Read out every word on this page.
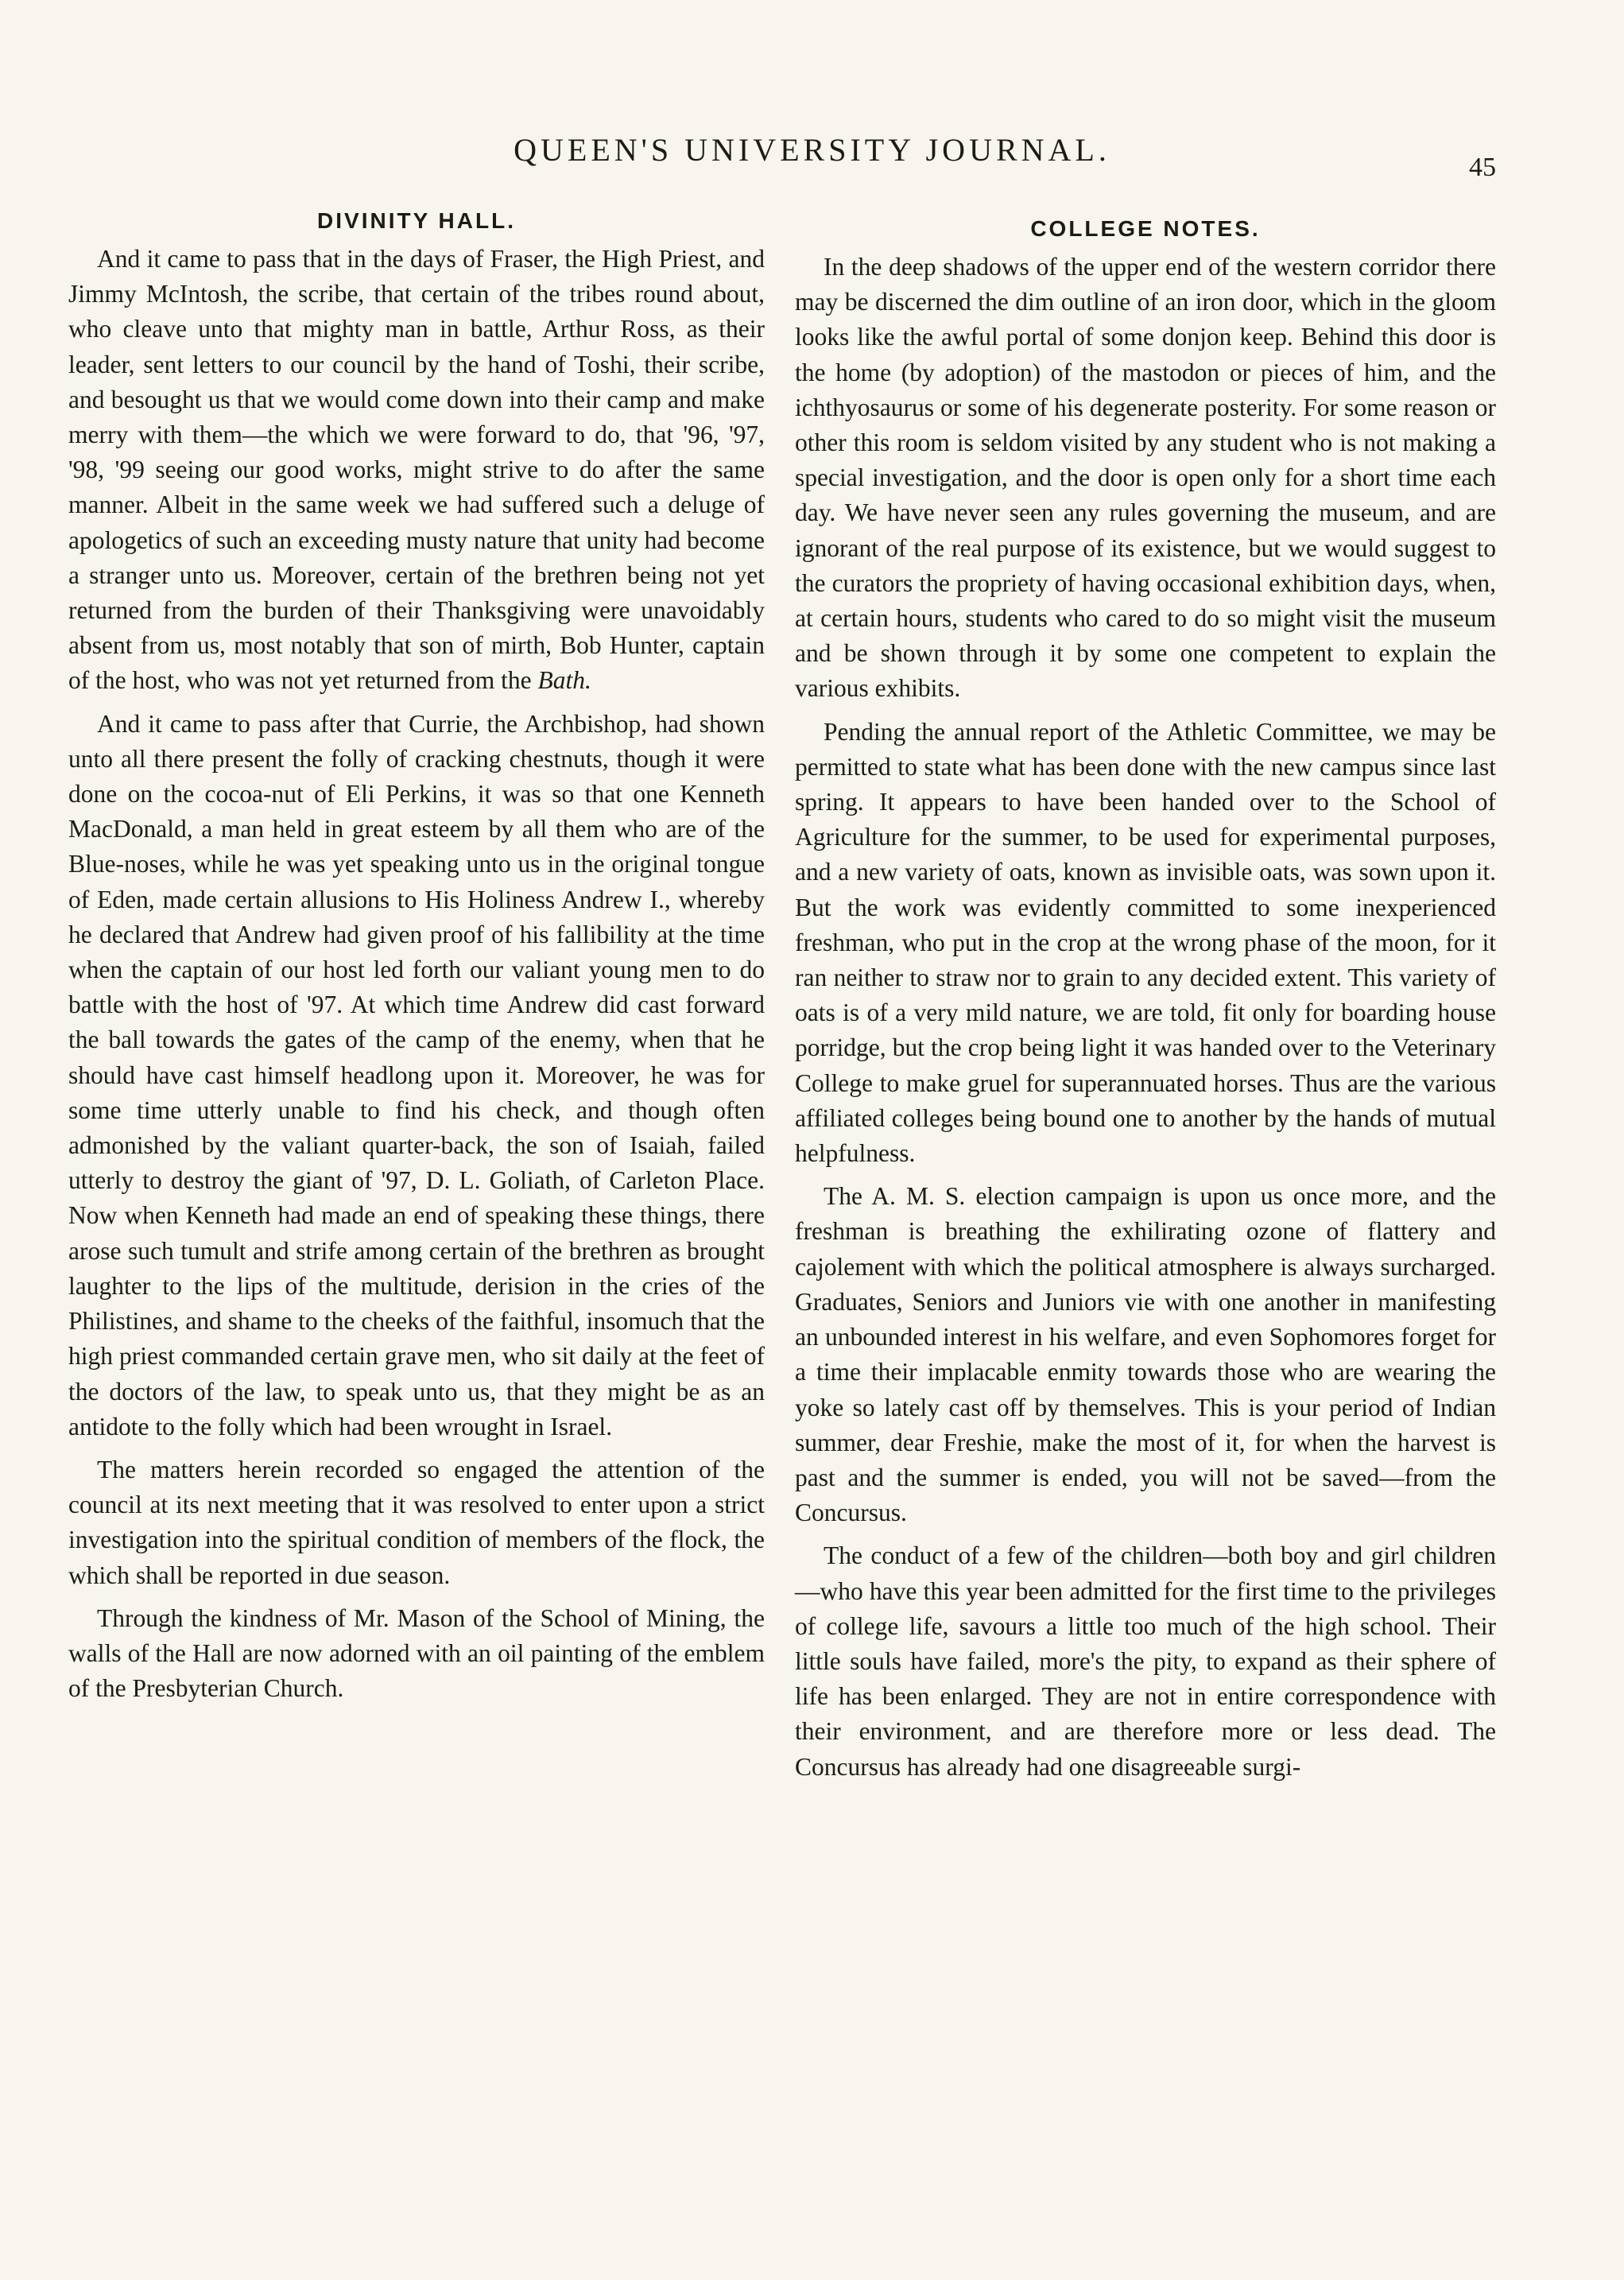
QUEEN'S UNIVERSITY JOURNAL.	45
DIVINITY HALL.

And it came to pass that in the days of Fraser, the High Priest, and Jimmy McIntosh, the scribe, that certain of the tribes round about, who cleave unto that mighty man in battle, Arthur Ross, as their leader, sent letters to our council by the hand of Toshi, their scribe, and besought us that we would come down into their camp and make merry with them—the which we were forward to do, that '96, '97, '98, '99 seeing our good works, might strive to do after the same manner. Albeit in the same week we had suffered such a deluge of apologetics of such an exceeding musty nature that unity had become a stranger unto us. Moreover, certain of the brethren being not yet returned from the burden of their Thanksgiving were unavoidably absent from us, most notably that son of mirth, Bob Hunter, captain of the host, who was not yet returned from the Bath.

And it came to pass after that Currie, the Archbishop, had shown unto all there present the folly of cracking chestnuts, though it were done on the cocoa-nut of Eli Perkins, it was so that one Kenneth MacDonald, a man held in great esteem by all them who are of the Blue-noses, while he was yet speaking unto us in the original tongue of Eden, made certain allusions to His Holiness Andrew I., whereby he declared that Andrew had given proof of his fallibility at the time when the captain of our host led forth our valiant young men to do battle with the host of '97. At which time Andrew did cast forward the ball towards the gates of the camp of the enemy, when that he should have cast himself headlong upon it. Moreover, he was for some time utterly unable to find his check, and though often admonished by the valiant quarter-back, the son of Isaiah, failed utterly to destroy the giant of '97, D. L. Goliath, of Carleton Place. Now when Kenneth had made an end of speaking these things, there arose such tumult and strife among certain of the brethren as brought laughter to the lips of the multitude, derision in the cries of the Philistines, and shame to the cheeks of the faithful, insomuch that the high priest commanded certain grave men, who sit daily at the feet of the doctors of the law, to speak unto us, that they might be as an antidote to the folly which had been wrought in Israel.

The matters herein recorded so engaged the attention of the council at its next meeting that it was resolved to enter upon a strict investigation into the spiritual condition of members of the flock, the which shall be reported in due season.

Through the kindness of Mr. Mason of the School of Mining, the walls of the Hall are now adorned with an oil painting of the emblem of the Presbyterian Church.

COLLEGE NOTES.

In the deep shadows of the upper end of the western corridor there may be discerned the dim outline of an iron door, which in the gloom looks like the awful portal of some donjon keep. Behind this door is the home (by adoption) of the mastodon or pieces of him, and the ichthyosaurus or some of his degenerate posterity. For some reason or other this room is seldom visited by any student who is not making a special investigation, and the door is open only for a short time each day. We have never seen any rules governing the museum, and are ignorant of the real purpose of its existence, but we would suggest to the curators the propriety of having occasional exhibition days, when, at certain hours, students who cared to do so might visit the museum and be shown through it by some one competent to explain the various exhibits.

Pending the annual report of the Athletic Committee, we may be permitted to state what has been done with the new campus since last spring. It appears to have been handed over to the School of Agriculture for the summer, to be used for experimental purposes, and a new variety of oats, known as invisible oats, was sown upon it. But the work was evidently committed to some inexperienced freshman, who put in the crop at the wrong phase of the moon, for it ran neither to straw nor to grain to any decided extent. This variety of oats is of a very mild nature, we are told, fit only for boarding house porridge, but the crop being light it was handed over to the Veterinary College to make gruel for superannuated horses. Thus are the various affiliated colleges being bound one to another by the hands of mutual helpfulness.

The A. M. S. election campaign is upon us once more, and the freshman is breathing the exhilirating ozone of flattery and cajolement with which the political atmosphere is always surcharged. Graduates, Seniors and Juniors vie with one another in manifesting an unbounded interest in his welfare, and even Sophomores forget for a time their implacable enmity towards those who are wearing the yoke so lately cast off by themselves. This is your period of Indian summer, dear Freshie, make the most of it, for when the harvest is past and the summer is ended, you will not be saved—from the Concursus.

The conduct of a few of the children—both boy and girl children—who have this year been admitted for the first time to the privileges of college life, savours a little too much of the high school. Their little souls have failed, more's the pity, to expand as their sphere of life has been enlarged. They are not in entire correspondence with their environment, and are therefore more or less dead. The Concursus has already had one disagreeable surgi-
